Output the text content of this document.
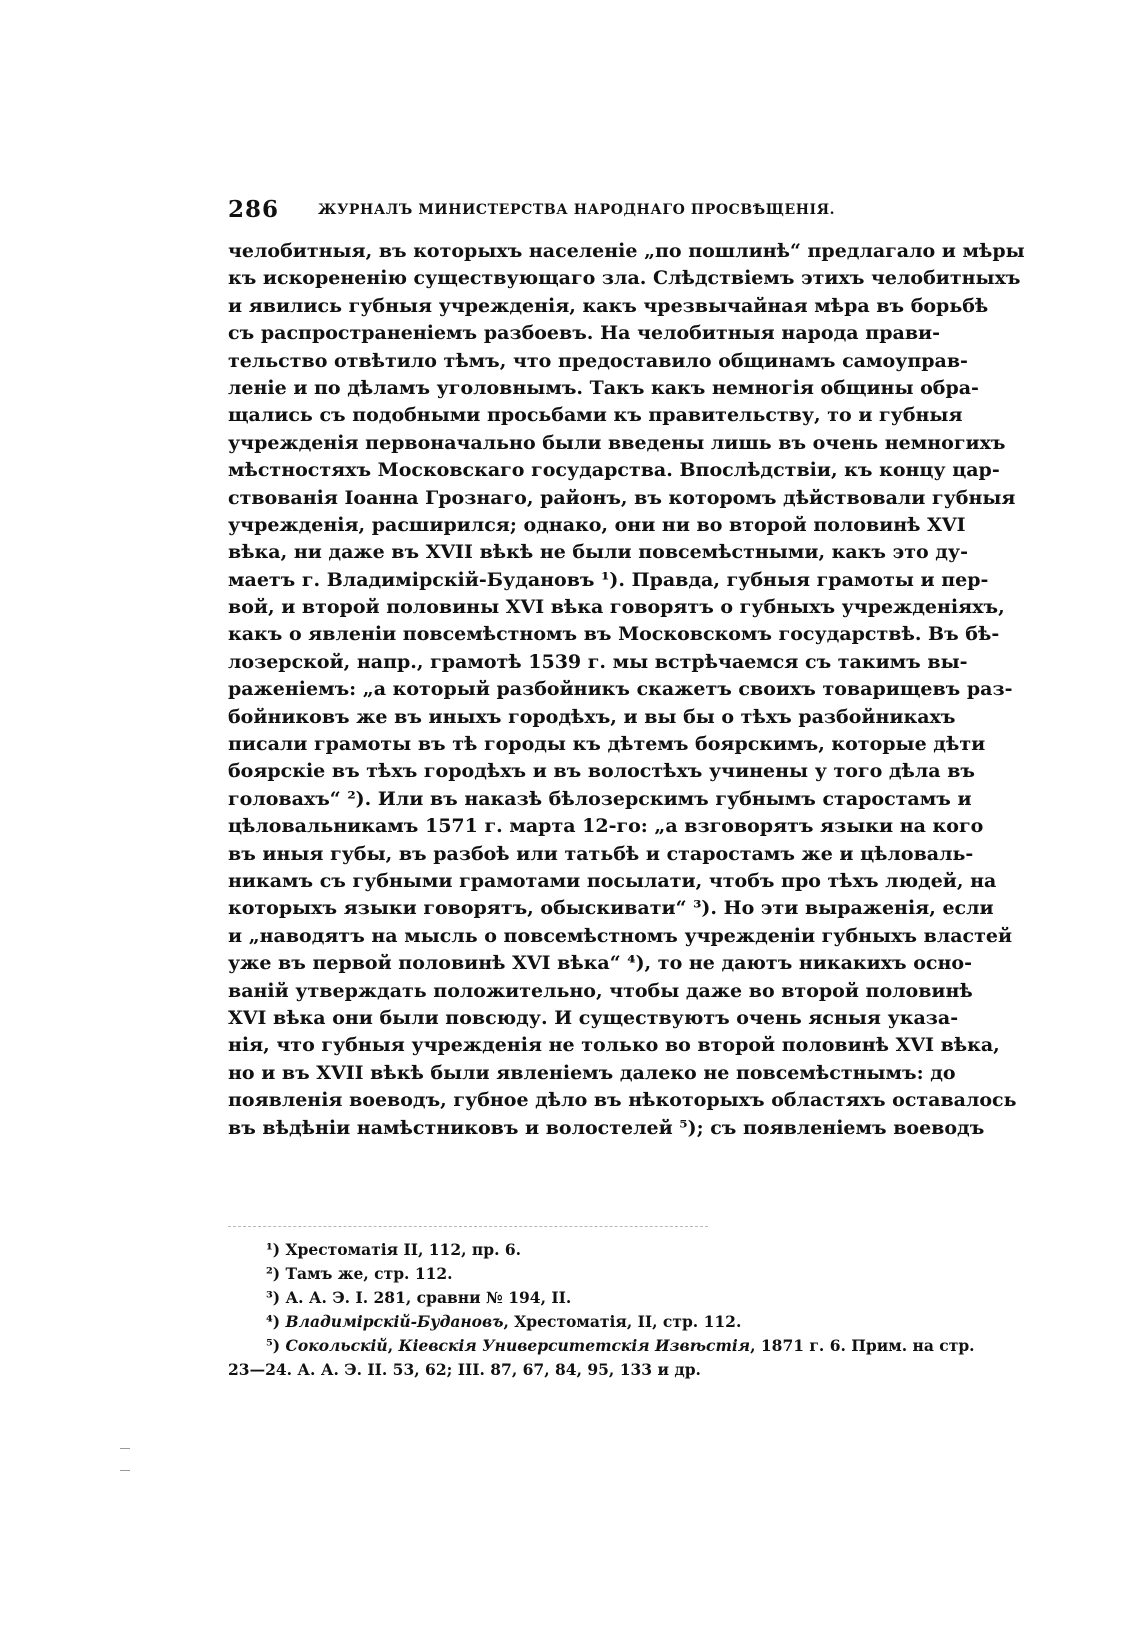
286	ЖУРНАЛЪ МИНИСТЕРСТВА НАРОДНАГО ПРОСВѢЩЕНІЯ.
челобитныя, въ которыхъ населеніе „по пошлинѣ“ предлагало и мѣры
къ искорененію существующаго зла. Слѣдствіемъ этихъ челобитныхъ
и явились губныя учрежденія, какъ чрезвычайная мѣра въ борьбѣ
съ распространеніемъ разбоевъ. На челобитныя народа прави-
тельство отвѣтило тѣмъ, что предоставило общинамъ самоуправ-
леніе и по дѣламъ уголовнымъ. Такъ какъ немногія общины обра-
щались съ подобными просьбами къ правительству, то и губныя
учрежденія первоначально были введены лишь въ очень немногихъ
мѣстностяхъ Московскаго государства. Впослѣдствіи, къ концу цар-
ствованія Іоанна Грознаго, районъ, въ которомъ дѣйствовали губныя
учрежденія, расширился; однако, они ни во второй половинѣ XVI
вѣка, ни даже въ XVII вѣкѣ не были повсемѣстными, какъ это ду-
маетъ г. Владимірскій-Будановъ ¹). Правда, губныя грамоты и пер-
вой, и второй половины XVI вѣка говорятъ о губныхъ учрежденіяхъ,
какъ о явленіи повсемѣстномъ въ Московскомъ государствѣ. Въ бѣ-
лозерской, напр., грамотѣ 1539 г. мы встрѣчаемся съ такимъ вы-
раженіемъ: „а который разбойникъ скажетъ своихъ товарищевъ раз-
бойниковъ же въ иныхъ городѣхъ, и вы бы о тѣхъ разбойникахъ
писали грамоты въ тѣ городы къ дѣтемъ боярскимъ, которые дѣти
боярскіе въ тѣхъ городѣхъ и въ волостѣхъ учинены у того дѣла въ
головахъ“ ²). Или въ наказѣ бѣлозерскимъ губнымъ старостамъ и
цѣловальникамъ 1571 г. марта 12-го: „а взговорятъ языки на кого
въ иныя губы, въ разбоѣ или татьбѣ и старостамъ же и цѣловаль-
никамъ съ губными грамотами посылати, чтобъ про тѣхъ людей, на
которыхъ языки говорятъ, обыскивати“ ³). Но эти выраженія, если
и „наводятъ на мысль о повсемѣстномъ учрежденіи губныхъ властей
уже въ первой половинѣ XVI вѣка“ ⁴), то не даютъ никакихъ осно-
ваній утверждать положительно, чтобы даже во второй половинѣ
XVI вѣка они были повсюду. И существуютъ очень ясныя указа-
нія, что губныя учрежденія не только во второй половинѣ XVI вѣка,
но и въ XVII вѣкѣ были явленіемъ далеко не повсемѣстнымъ: до
появленія воеводъ, губное дѣло въ нѣкоторыхъ областяхъ оставалось
въ вѣдѣніи намѣстниковъ и волостелей ⁵); съ появленіемъ воеводъ
¹) Хрестоматія II, 112, пр. 6.
²) Тамъ же, стр. 112.
³) А. А. Э. I. 281, сравни № 194, II.
⁴) Владимірскій-Будановъ, Хрестоматія, II, стр. 112.
⁵) Сокольскій, Кіевскія Университетскія Извѣстія, 1871 г. 6. Прим. на стр.
23—24. А. А. Э. II. 53, 62; III. 87, 67, 84, 95, 133 и др.
